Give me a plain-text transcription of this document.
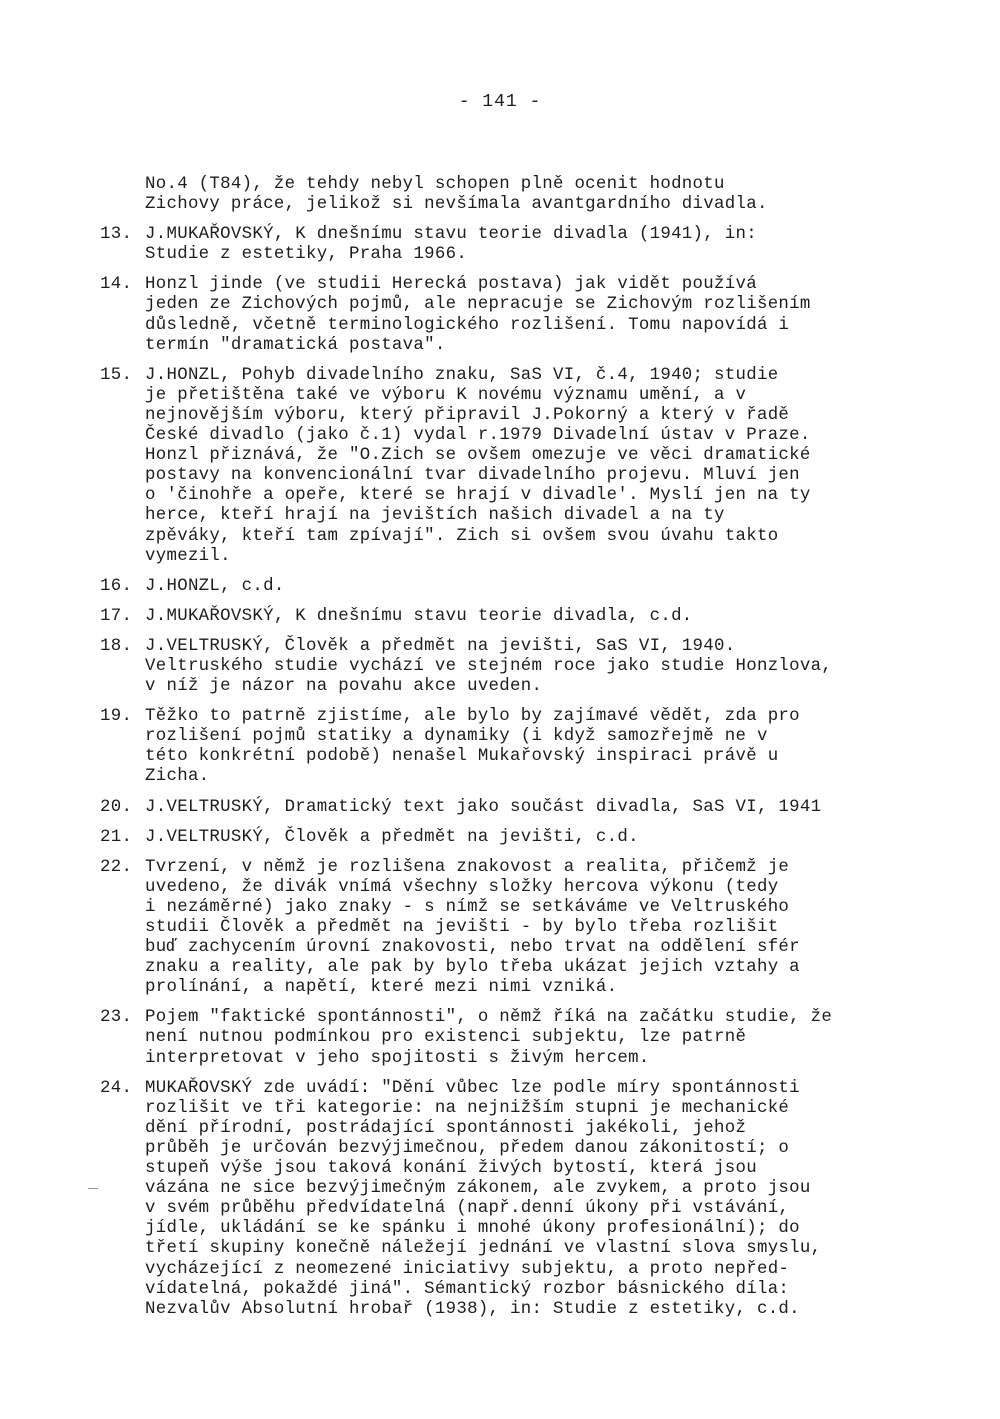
- 141 -
No.4 (T84), že tehdy nebyl schopen plně ocenit hodnotu
Zichovy práce, jelikož si nevšímala avantgardního divadla.
13. J.MUKAŘOVSKÝ, K dnešnímu stavu teorie divadla (1941), in:
Studie z estetiky, Praha 1966.
14. Honzl jinde (ve studii Herecká postava) jak vidět používá
jeden ze Zichových pojmů, ale nepracuje se Zichovým rozlišením
důsledně, včetně terminologického rozlišení. Tomu napovídá i
termín "dramatická postava".
15. J.HONZL, Pohyb divadelního znaku, SaS VI, č.4, 1940; studie
je přetištěna také ve výboru K novému významu umění, a v
nejnovějším výboru, který připravil J.Pokorný a který v řadě
České divadlo (jako č.1) vydal r.1979 Divadelní ústav v Praze.
Honzl přiznává, že "O.Zich se ovšem omezuje ve věci dramatické
postavy na konvencionální tvar divadelního projevu. Mluví jen
o 'činohře a opeře, které se hrají v divadle'. Myslí jen na ty
herce, kteří hrají na jevištích našich divadel a na ty
zpěváky, kteří tam zpívají". Zich si ovšem svou úvahu takto
vymezil.
16. J.HONZL, c.d.
17. J.MUKAŘOVSKÝ, K dnešnímu stavu teorie divadla, c.d.
18. J.VELTRUSKÝ, Člověk a předmět na jevišti, SaS VI, 1940.
Veltruského studie vychází ve stejném roce jako studie Honzlova,
v níž je názor na povahu akce uveden.
19. Těžko to patrně zjistíme, ale bylo by zajímavé vědět, zda pro
rozlišení pojmů statiky a dynamiky (i když samozřejmě ne v
této konkrétní podobě) nenašel Mukařovský inspiraci právě u
Zicha.
20. J.VELTRUSKÝ, Dramatický text jako součást divadla, SaS VI, 1941
21. J.VELTRUSKÝ, Člověk a předmět na jevišti, c.d.
22. Tvrzení, v němž je rozlišena znakovost a realita, přičemž je
uvedeno, že divák vnímá všechny složky hercova výkonu (tedy
i nezáměrné) jako znaky - s nímž se setkáváme ve Veltruského
studii Člověk a předmět na jevišti - by bylo třeba rozlišit
buď zachycením úrovní znakovosti, nebo trvat na oddělení sfér
znaku a reality, ale pak by bylo třeba ukázat jejich vztahy a
prolínání, a napětí, které mezi nimi vzniká.
23. Pojem "faktické spontánnosti", o němž říká na začátku studie, že
není nutnou podmínkou pro existenci subjektu, lze patrně
interpretovat v jeho spojitosti s živým hercem.
24. MUKAŘOVSKÝ zde uvádí: "Dění vůbec lze podle míry spontánnosti
rozlišit ve tři kategorie: na nejnižším stupni je mechanické
dění přírodní, postrádající spontánnosti jakékoli, jehož
průběh je určován bezvýjimečnou, předem danou zákonitostí; o
stupeň výše jsou taková konání živých bytostí, která jsou
vázána ne sice bezvýjimečným zákonem, ale zvykem, a proto jsou
v svém průběhu předvídatelná (např.denní úkony při vstávání,
jídle, ukládání se ke spánku i mnohé úkony profesionální); do
třetí skupiny konečně náležejí jednání ve vlastní slova smyslu,
vycházející z neomezené iniciativy subjektu, a proto nepřed-
vídatelná, pokaždé jiná". Sémantický rozbor básnického díla:
Nezvalův Absolutní hrobař (1938), in: Studie z estetiky, c.d.
